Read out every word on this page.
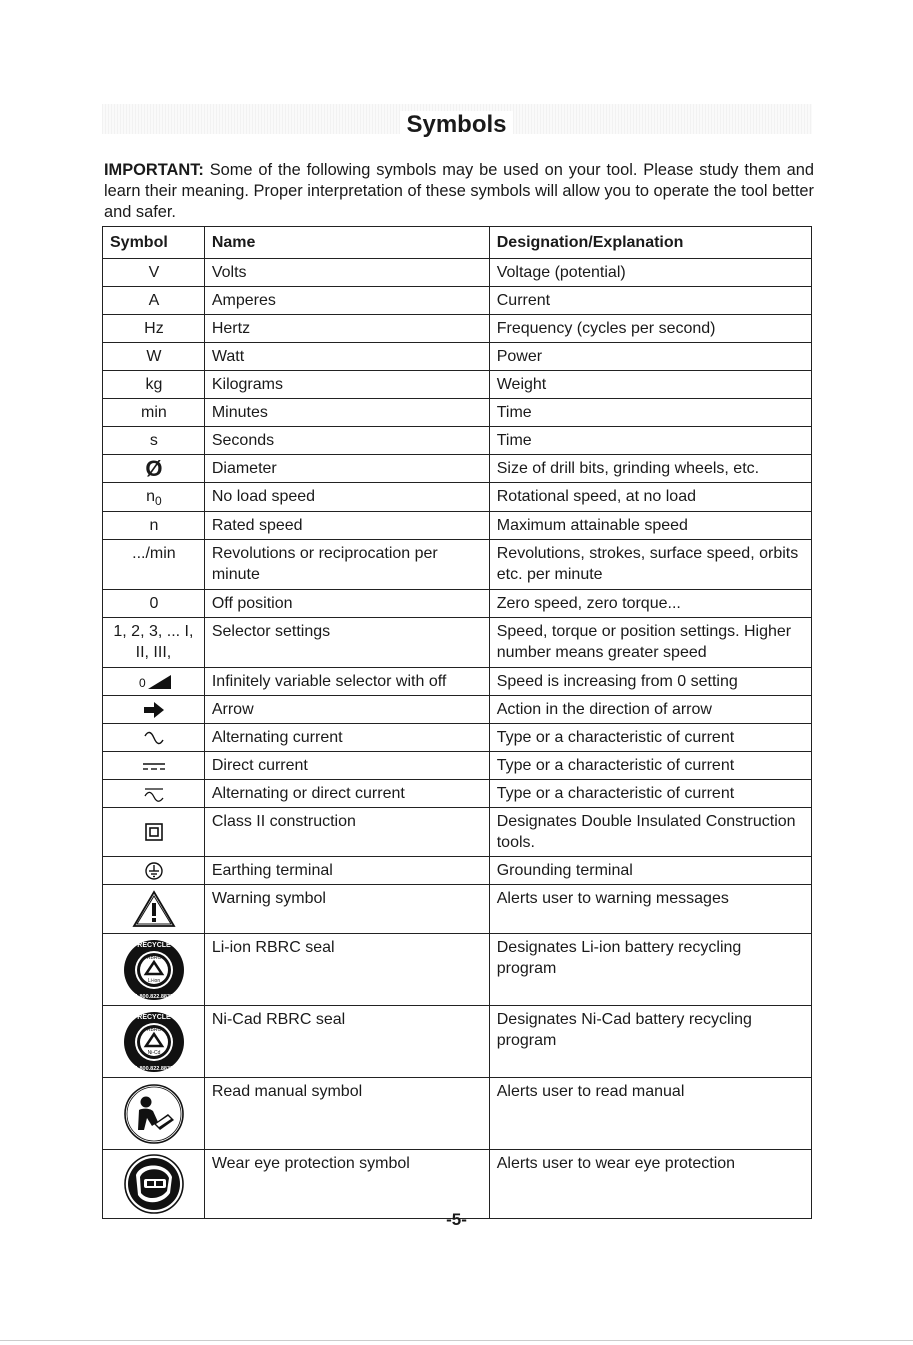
Symbols
IMPORTANT: Some of the following symbols may be used on your tool. Please study them and learn their meaning. Proper interpretation of these symbols will allow you to operate the tool better and safer.
Symbol	Name	Designation/Explanation
V	Volts	Voltage (potential)
A	Amperes	Current
Hz	Hertz	Frequency (cycles per second)
W	Watt	Power
kg	Kilograms	Weight
min	Minutes	Time
s	Seconds	Time
Ø	Diameter	Size of drill bits, grinding wheels, etc.
$n_0$	No load speed	Rotational speed, at no load
n	Rated speed	Maximum attainable speed
.../min	Revolutions or reciprocation per minute	Revolutions, strokes, surface speed, orbits etc. per minute
0	Off position	Zero speed, zero torque...
1, 2, 3, ... I, II, III,	Selector settings	Speed, torque or position settings. Higher number means greater speed

0	Infinitely variable selector with off	Speed is increasing from 0 setting
	Arrow	Action in the direction of arrow
	Alternating current	Type or a characteristic of current
	Direct current	Type or a characteristic of current
	Alternating or direct current	Type or a characteristic of current
	Class II construction	Designates Double Insulated Construction tools.
	Earthing terminal	Grounding terminal
	Warning symbol	Alerts user to warning messages

RBRC
Li-ion
RECYCLE
1.800.822.8837	Li-ion RBRC seal	Designates Li-ion battery recycling program

RBRC
Ni-Cd
RECYCLE
1.800.822.8837	Ni-Cad RBRC seal	Designates Ni-Cad battery recycling program
	Read manual symbol	Alerts user to read manual
	Wear eye protection symbol	Alerts user to wear eye protection
-5-
